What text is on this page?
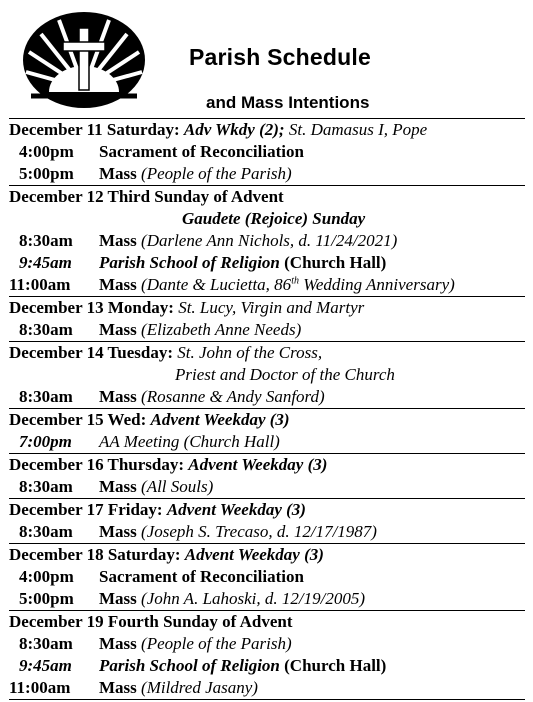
Parish Schedule
and Mass Intentions
December 11 Saturday: Adv Wkdy (2); St. Damasus I, Pope
4:00pm Sacrament of Reconciliation
5:00pm Mass (People of the Parish)
December 12 Third Sunday of Advent
Gaudete (Rejoice) Sunday
8:30am Mass (Darlene Ann Nichols, d. 11/24/2021)
9:45am Parish School of Religion (Church Hall)
11:00am Mass (Dante & Lucietta, 86th Wedding Anniversary)
December 13 Monday: St. Lucy, Virgin and Martyr
8:30am Mass (Elizabeth Anne Needs)
December 14 Tuesday: St. John of the Cross,
Priest and Doctor of the Church
8:30am Mass (Rosanne & Andy Sanford)
December 15 Wed: Advent Weekday (3)
7:00pm AA Meeting (Church Hall)
December 16 Thursday: Advent Weekday (3)
8:30am Mass (All Souls)
December 17 Friday: Advent Weekday (3)
8:30am Mass (Joseph S. Trecaso, d. 12/17/1987)
December 18 Saturday: Advent Weekday (3)
4:00pm Sacrament of Reconciliation
5:00pm Mass (John A. Lahoski, d. 12/19/2005)
December 19 Fourth Sunday of Advent
8:30am Mass (People of the Parish)
9:45am Parish School of Religion (Church Hall)
11:00am Mass (Mildred Jasany)
